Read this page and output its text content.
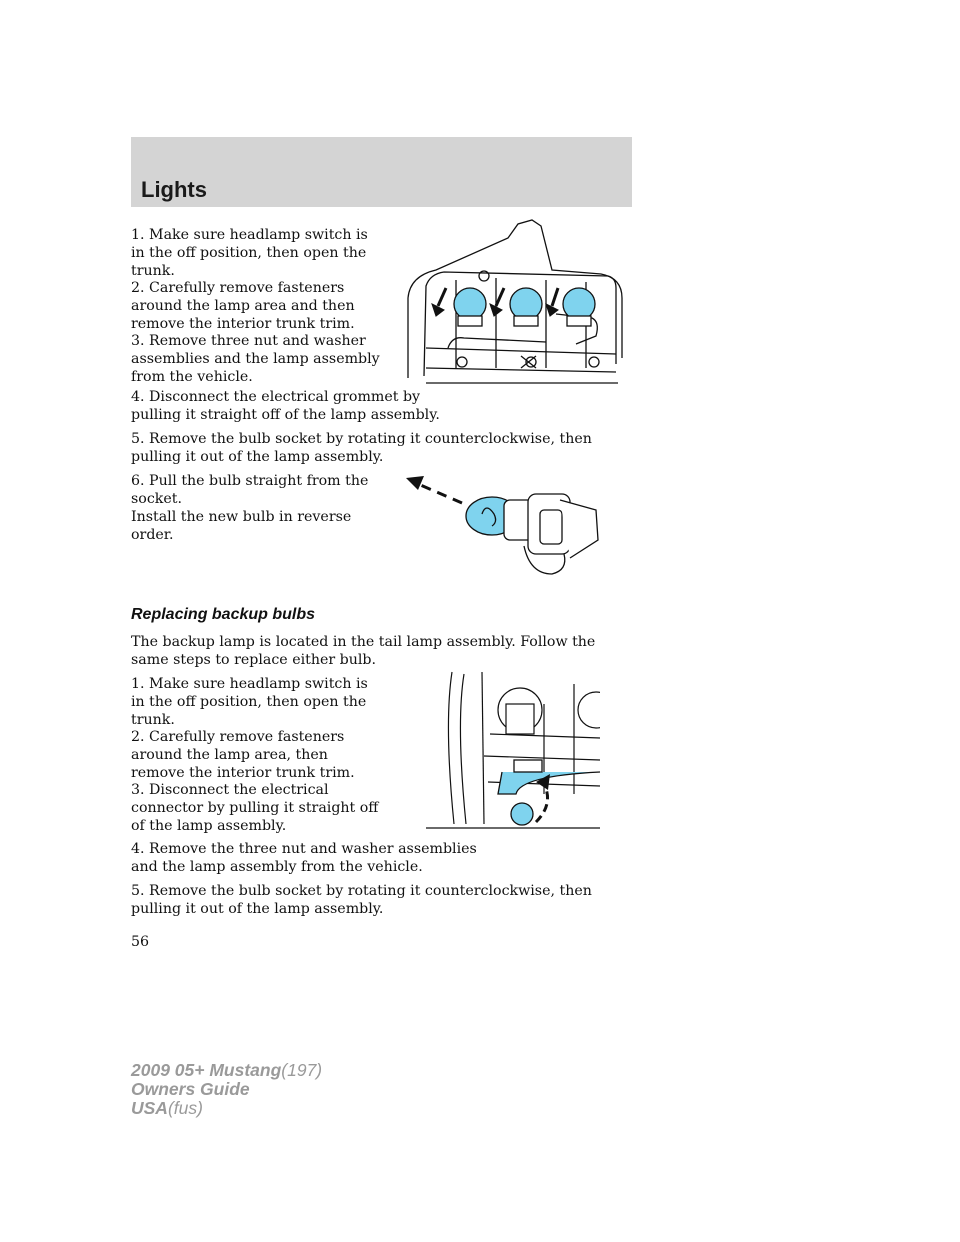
Lights

1. Make sure headlamp switch is in the off position, then open the trunk.

2. Carefully remove fasteners around the lamp area and then remove the interior trunk trim.

3. Remove three nut and washer assemblies and the lamp assembly from the vehicle.

4. Disconnect the electrical grommet by pulling it straight off of the lamp assembly.

5. Remove the bulb socket by rotating it counterclockwise, then pulling it out of the lamp assembly.

6. Pull the bulb straight from the socket.

Install the new bulb in reverse order.

Replacing backup bulbs

The backup lamp is located in the tail lamp assembly. Follow the same steps to replace either bulb.

1. Make sure headlamp switch is in the off position, then open the trunk.

2. Carefully remove fasteners around the lamp area, then remove the interior trunk trim.

3. Disconnect the electrical connector by pulling it straight off of the lamp assembly.

4. Remove the three nut and washer assemblies and the lamp assembly from the vehicle.

5. Remove the bulb socket by rotating it counterclockwise, then pulling it out of the lamp assembly.

56

2009 05+ Mustang(197)
Owners Guide
USA(fus)
